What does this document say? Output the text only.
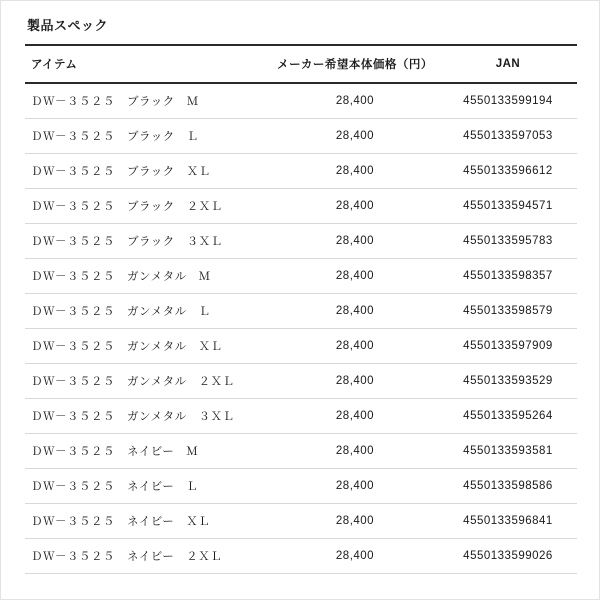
製品スペック
アイテム	メーカー希望本体価格（円）	JAN
ＤＷ－３５２５　ブラック　Ｍ	28,400	4550133599194
ＤＷ－３５２５　ブラック　Ｌ	28,400	4550133597053
ＤＷ－３５２５　ブラック　ＸＬ	28,400	4550133596612
ＤＷ－３５２５　ブラック　２ＸＬ	28,400	4550133594571
ＤＷ－３５２５　ブラック　３ＸＬ	28,400	4550133595783
ＤＷ－３５２５　ガンメタル　Ｍ	28,400	4550133598357
ＤＷ－３５２５　ガンメタル　Ｌ	28,400	4550133598579
ＤＷ－３５２５　ガンメタル　ＸＬ	28,400	4550133597909
ＤＷ－３５２５　ガンメタル　２ＸＬ	28,400	4550133593529
ＤＷ－３５２５　ガンメタル　３ＸＬ	28,400	4550133595264
ＤＷ－３５２５　ネイビー　Ｍ	28,400	4550133593581
ＤＷ－３５２５　ネイビー　Ｌ	28,400	4550133598586
ＤＷ－３５２５　ネイビー　ＸＬ	28,400	4550133596841
ＤＷ－３５２５　ネイビー　２ＸＬ	28,400	4550133599026
